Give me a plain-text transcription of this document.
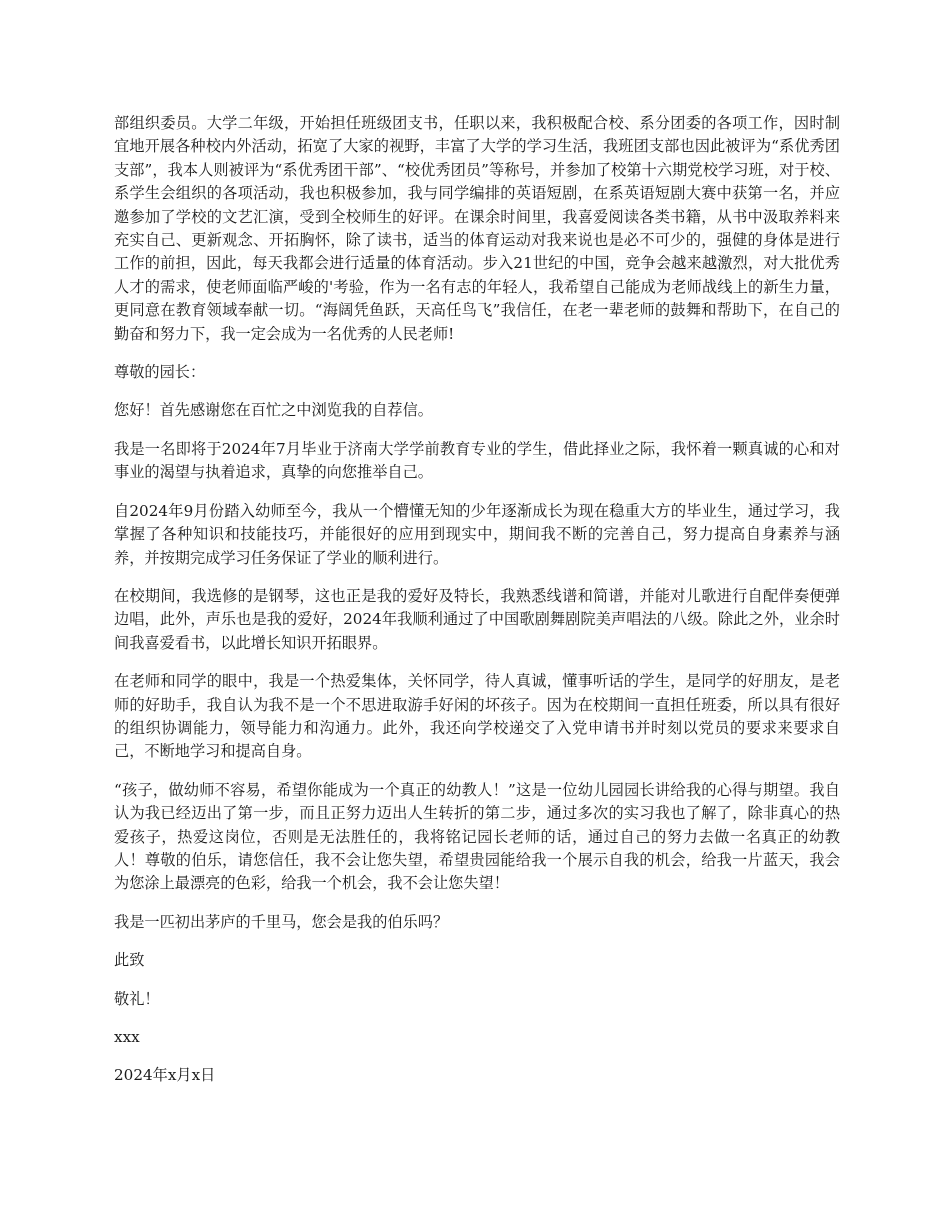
部组织委员。大学二年级，开始担任班级团支书，任职以来，我积极配合校、系分团委的各项工作，因时制宜地开展各种校内外活动，拓宽了大家的视野，丰富了大学的学习生活，我班团支部也因此被评为“系优秀团支部”，我本人则被评为“系优秀团干部”、“校优秀团员”等称号，并参加了校第十六期党校学习班，对于校、系学生会组织的各项活动，我也积极参加，我与同学编排的英语短剧，在系英语短剧大赛中获第一名，并应邀参加了学校的文艺汇演，受到全校师生的好评。在课余时间里，我喜爱阅读各类书籍，从书中汲取养料来充实自己、更新观念、开拓胸怀，除了读书，适当的体育运动对我来说也是必不可少的，强健的身体是进行工作的前担，因此，每天我都会进行适量的体育活动。步入21世纪的中国，竞争会越来越激烈，对大批优秀人才的需求，使老师面临严峻的'考验，作为一名有志的年轻人，我希望自己能成为老师战线上的新生力量，更同意在教育领域奉献一切。“海阔凭鱼跃，天高任鸟飞”我信任，在老一辈老师的鼓舞和帮助下，在自己的勤奋和努力下，我一定会成为一名优秀的人民老师!

尊敬的园长：

您好！首先感谢您在百忙之中浏览我的自荐信。

我是一名即将于2024年7月毕业于济南大学学前教育专业的学生，借此择业之际，我怀着一颗真诚的心和对事业的渴望与执着追求，真挚的向您推举自己。

自2024年9月份踏入幼师至今，我从一个懵懂无知的少年逐渐成长为现在稳重大方的毕业生，通过学习，我掌握了各种知识和技能技巧，并能很好的应用到现实中，期间我不断的完善自己，努力提高自身素养与涵养，并按期完成学习任务保证了学业的顺利进行。

在校期间，我选修的是钢琴，这也正是我的爱好及特长，我熟悉线谱和简谱，并能对儿歌进行自配伴奏便弹边唱，此外，声乐也是我的爱好，2024年我顺利通过了中国歌剧舞剧院美声唱法的八级。除此之外，业余时间我喜爱看书，以此增长知识开拓眼界。

在老师和同学的眼中，我是一个热爱集体，关怀同学，待人真诚，懂事听话的学生，是同学的好朋友，是老师的好助手，我自认为我不是一个不思进取游手好闲的坏孩子。因为在校期间一直担任班委，所以具有很好的组织协调能力，领导能力和沟通力。此外，我还向学校递交了入党申请书并时刻以党员的要求来要求自己，不断地学习和提高自身。

“孩子，做幼师不容易，希望你能成为一个真正的幼教人！”这是一位幼儿园园长讲给我的心得与期望。我自认为我已经迈出了第一步，而且正努力迈出人生转折的第二步，通过多次的实习我也了解了，除非真心的热爱孩子，热爱这岗位，否则是无法胜任的，我将铭记园长老师的话，通过自己的努力去做一名真正的幼教人！尊敬的伯乐，请您信任，我不会让您失望，希望贵园能给我一个展示自我的机会，给我一片蓝天，我会为您涂上最漂亮的色彩，给我一个机会，我不会让您失望！

我是一匹初出茅庐的千里马，您会是我的伯乐吗？

此致

敬礼！

xxx

2024年x月x日
